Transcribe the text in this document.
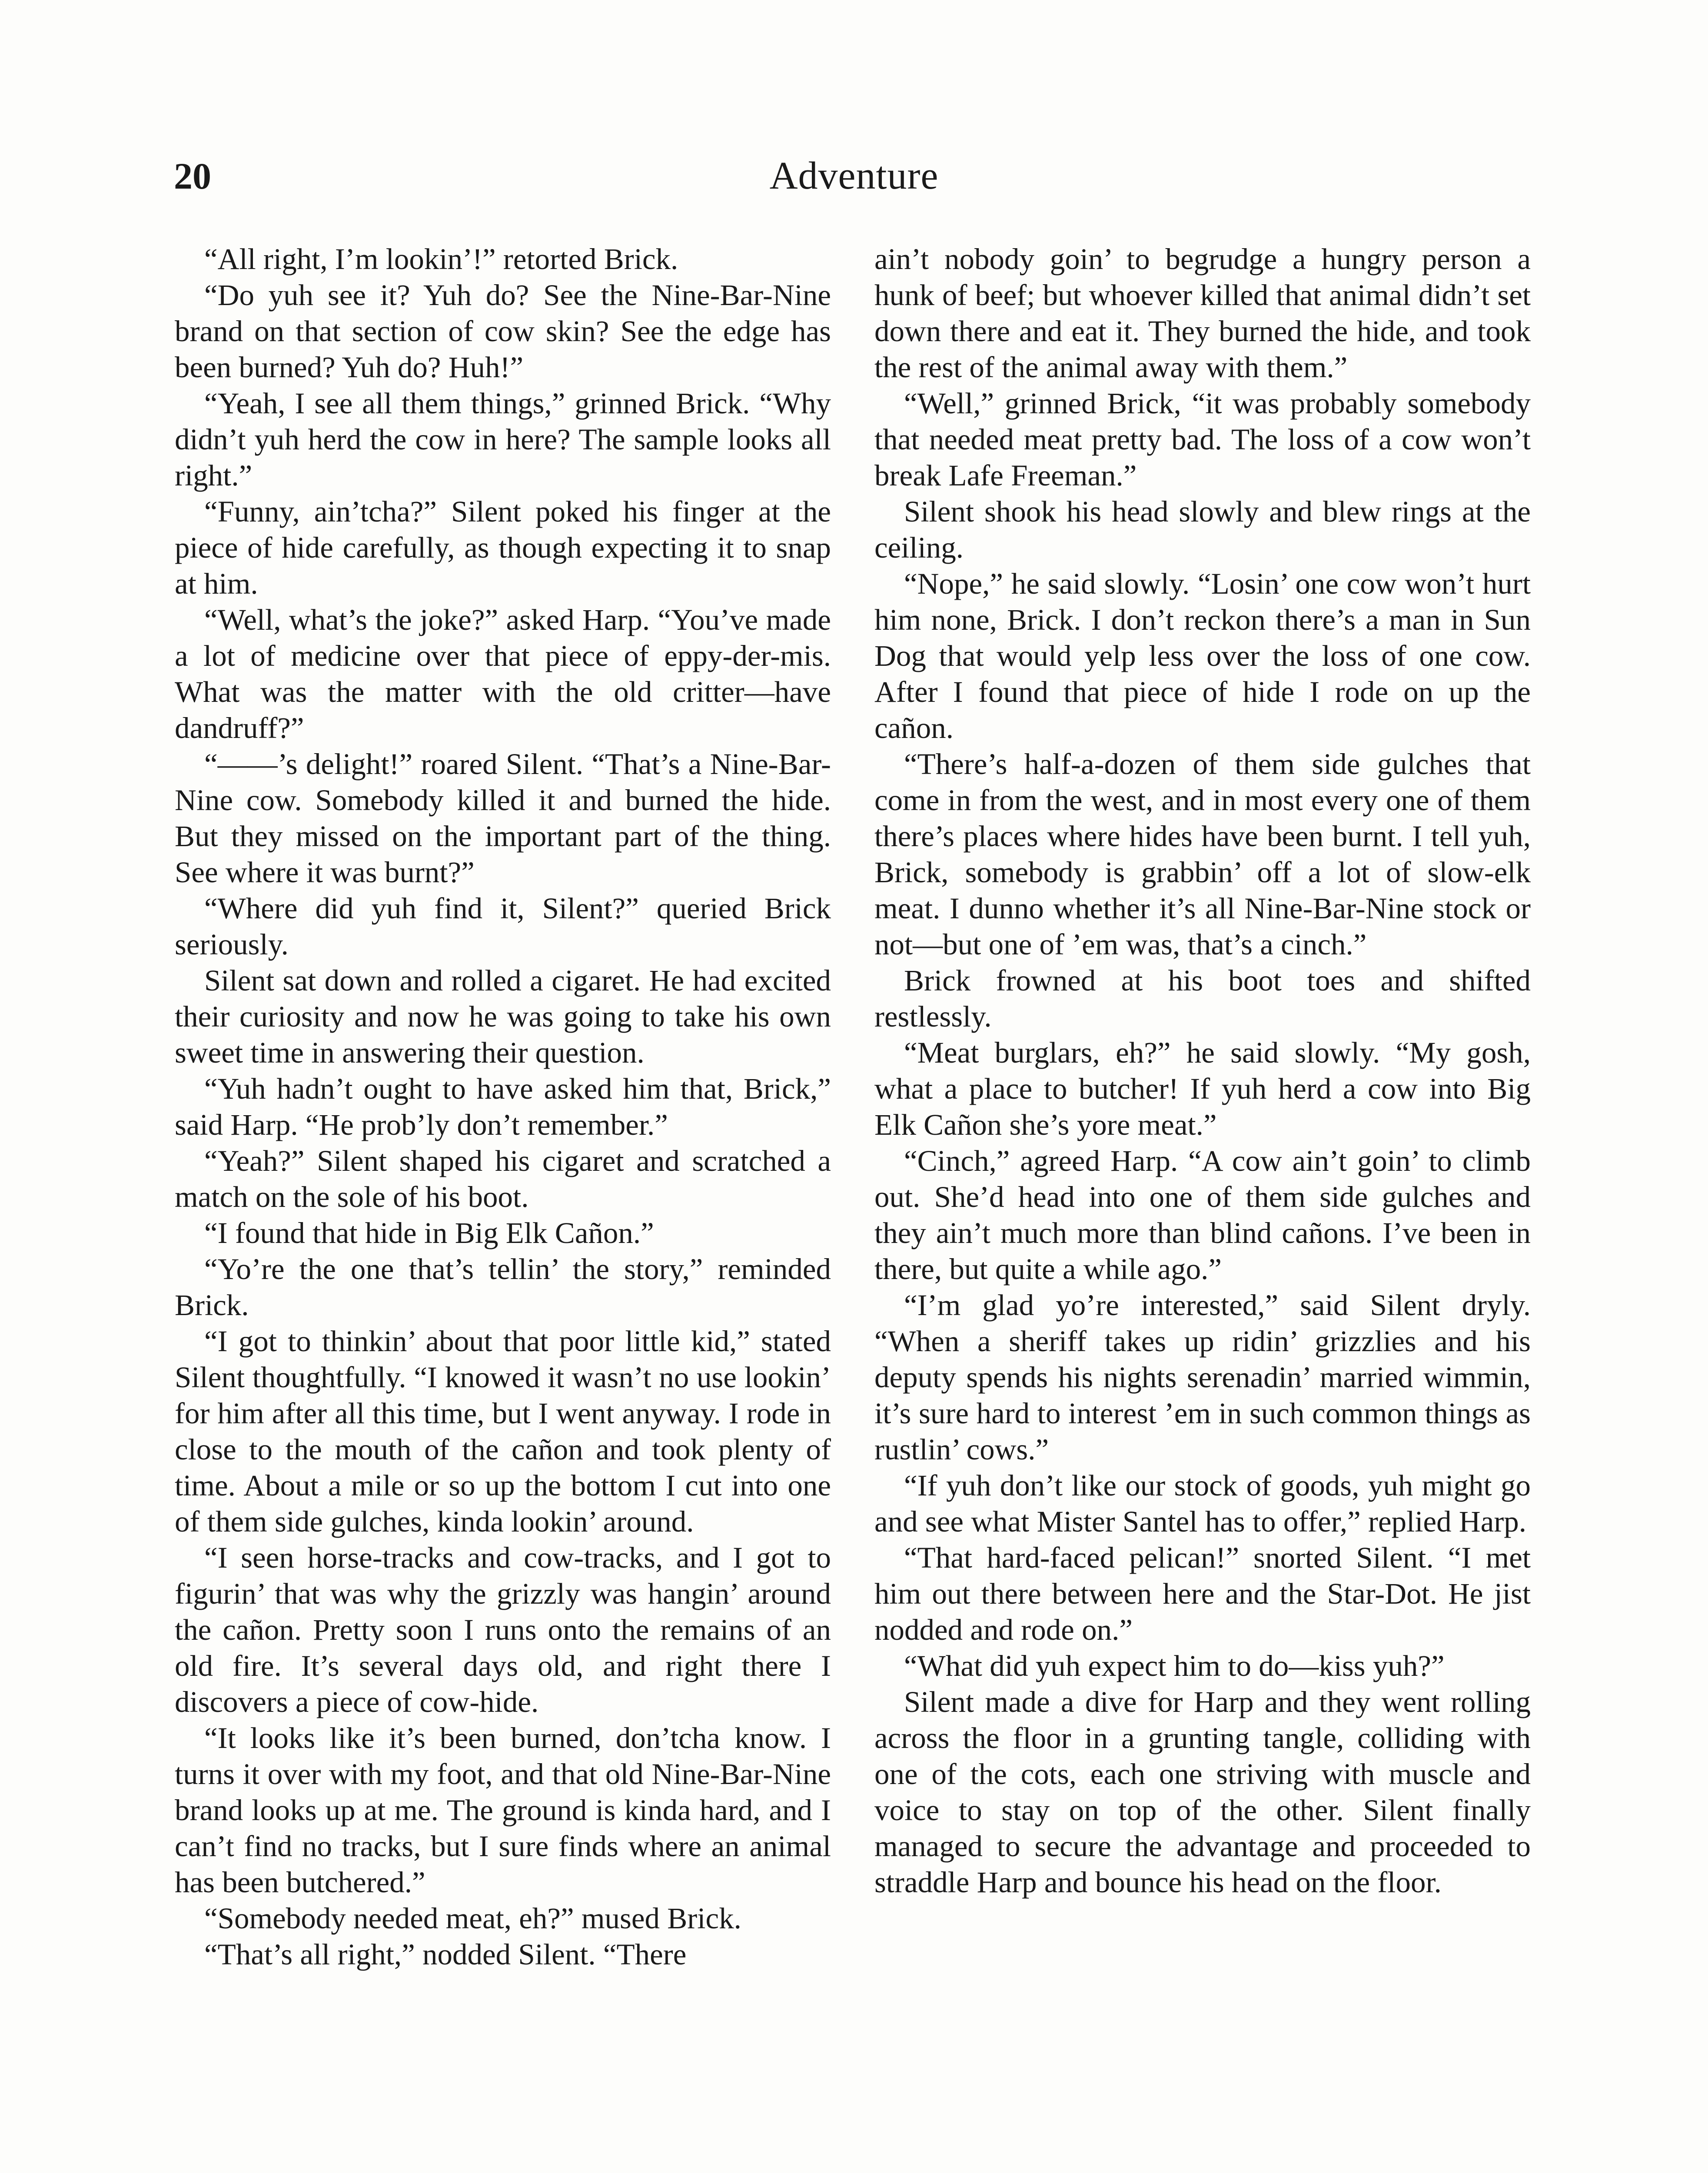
20	Adventure

“All right, I’m lookin’!” retorted Brick.

“Do yuh see it? Yuh do? See the Nine-Bar-Nine brand on that section of cow skin? See the edge has been burned? Yuh do? Huh!”

“Yeah, I see all them things,” grinned Brick. “Why didn’t yuh herd the cow in here? The sample looks all right.”

“Funny, ain’tcha?” Silent poked his finger at the piece of hide carefully, as though expecting it to snap at him.

“Well, what’s the joke?” asked Harp. “You’ve made a lot of medicine over that piece of eppy-der-mis. What was the matter with the old critter—have dandruff?”

“——’s delight!” roared Silent. “That’s a Nine-Bar-Nine cow. Somebody killed it and burned the hide. But they missed on the important part of the thing. See where it was burnt?”

“Where did yuh find it, Silent?” queried Brick seriously.

Silent sat down and rolled a cigaret. He had excited their curiosity and now he was going to take his own sweet time in answering their question.

“Yuh hadn’t ought to have asked him that, Brick,” said Harp. “He prob’ly don’t remember.”

“Yeah?” Silent shaped his cigaret and scratched a match on the sole of his boot.

“I found that hide in Big Elk Cañon.”

“Yo’re the one that’s tellin’ the story,” reminded Brick.

“I got to thinkin’ about that poor little kid,” stated Silent thoughtfully. “I knowed it wasn’t no use lookin’ for him after all this time, but I went anyway. I rode in close to the mouth of the cañon and took plenty of time. About a mile or so up the bottom I cut into one of them side gulches, kinda lookin’ around.

“I seen horse-tracks and cow-tracks, and I got to figurin’ that was why the grizzly was hangin’ around the cañon. Pretty soon I runs onto the remains of an old fire. It’s several days old, and right there I discovers a piece of cow-hide.

“It looks like it’s been burned, don’tcha know. I turns it over with my foot, and that old Nine-Bar-Nine brand looks up at me. The ground is kinda hard, and I can’t find no tracks, but I sure finds where an animal has been butchered.”

“Somebody needed meat, eh?” mused Brick.

“That’s all right,” nodded Silent. “There

ain’t nobody goin’ to begrudge a hungry person a hunk of beef; but whoever killed that animal didn’t set down there and eat it. They burned the hide, and took the rest of the animal away with them.”

“Well,” grinned Brick, “it was probably somebody that needed meat pretty bad. The loss of a cow won’t break Lafe Freeman.”

Silent shook his head slowly and blew rings at the ceiling.

“Nope,” he said slowly. “Losin’ one cow won’t hurt him none, Brick. I don’t reckon there’s a man in Sun Dog that would yelp less over the loss of one cow. After I found that piece of hide I rode on up the cañon.

“There’s half-a-dozen of them side gulches that come in from the west, and in most every one of them there’s places where hides have been burnt. I tell yuh, Brick, somebody is grabbin’ off a lot of slow-elk meat. I dunno whether it’s all Nine-Bar-Nine stock or not—but one of ’em was, that’s a cinch.”

Brick frowned at his boot toes and shifted restlessly.

“Meat burglars, eh?” he said slowly. “My gosh, what a place to butcher! If yuh herd a cow into Big Elk Cañon she’s yore meat.”

“Cinch,” agreed Harp. “A cow ain’t goin’ to climb out. She’d head into one of them side gulches and they ain’t much more than blind cañons. I’ve been in there, but quite a while ago.”

“I’m glad yo’re interested,” said Silent dryly. “When a sheriff takes up ridin’ grizzlies and his deputy spends his nights serenadin’ married wimmin, it’s sure hard to interest ’em in such common things as rustlin’ cows.”

“If yuh don’t like our stock of goods, yuh might go and see what Mister Santel has to offer,” replied Harp.

“That hard-faced pelican!” snorted Silent. “I met him out there between here and the Star-Dot. He jist nodded and rode on.”

“What did yuh expect him to do—kiss yuh?”

Silent made a dive for Harp and they went rolling across the floor in a grunting tangle, colliding with one of the cots, each one striving with muscle and voice to stay on top of the other. Silent finally managed to secure the advantage and proceeded to straddle Harp and bounce his head on the floor.
